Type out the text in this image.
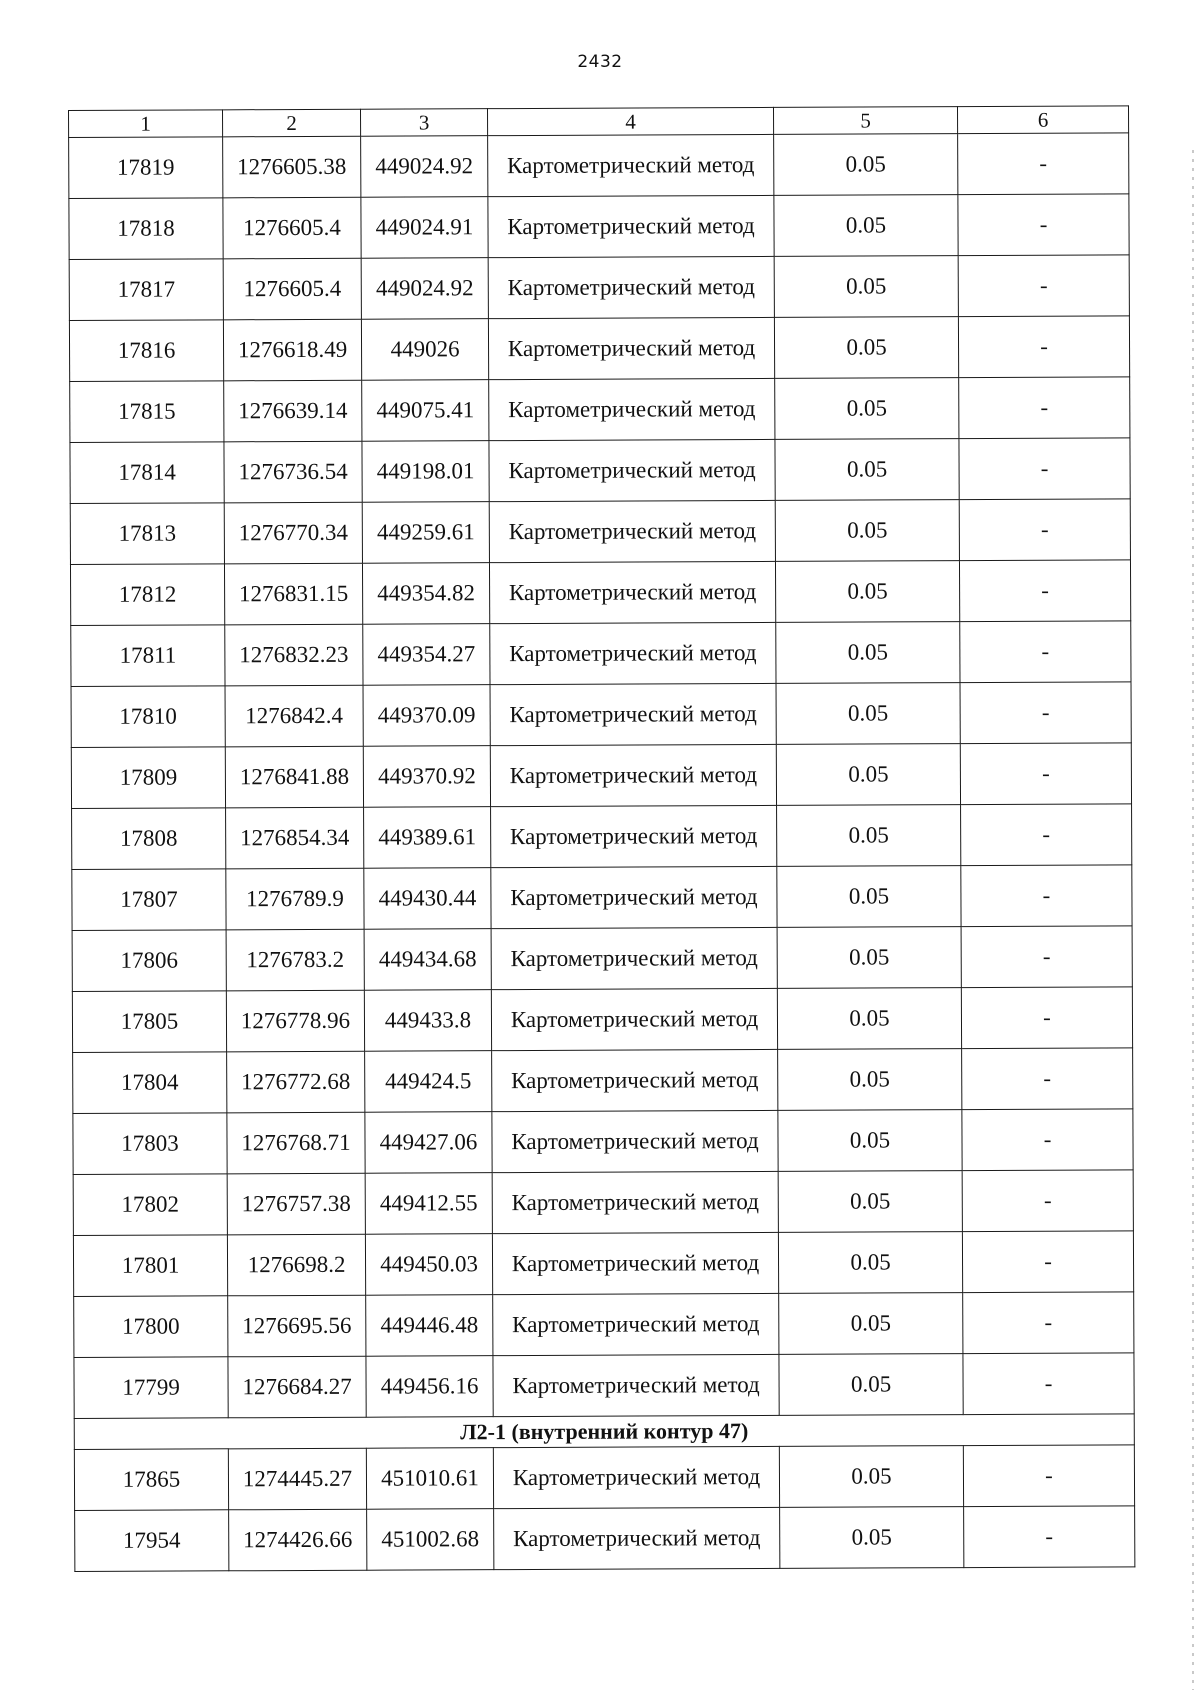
2432
1	2	3	4	5	6
17819	1276605.38	449024.92	Картометрический метод	0.05	-
17818	1276605.4	449024.91	Картометрический метод	0.05	-
17817	1276605.4	449024.92	Картометрический метод	0.05	-
17816	1276618.49	449026	Картометрический метод	0.05	-
17815	1276639.14	449075.41	Картометрический метод	0.05	-
17814	1276736.54	449198.01	Картометрический метод	0.05	-
17813	1276770.34	449259.61	Картометрический метод	0.05	-
17812	1276831.15	449354.82	Картометрический метод	0.05	-
17811	1276832.23	449354.27	Картометрический метод	0.05	-
17810	1276842.4	449370.09	Картометрический метод	0.05	-
17809	1276841.88	449370.92	Картометрический метод	0.05	-
17808	1276854.34	449389.61	Картометрический метод	0.05	-
17807	1276789.9	449430.44	Картометрический метод	0.05	-
17806	1276783.2	449434.68	Картометрический метод	0.05	-
17805	1276778.96	449433.8	Картометрический метод	0.05	-
17804	1276772.68	449424.5	Картометрический метод	0.05	-
17803	1276768.71	449427.06	Картометрический метод	0.05	-
17802	1276757.38	449412.55	Картометрический метод	0.05	-
17801	1276698.2	449450.03	Картометрический метод	0.05	-
17800	1276695.56	449446.48	Картометрический метод	0.05	-
17799	1276684.27	449456.16	Картометрический метод	0.05	-
Л2-1 (внутренний контур 47)					
17865	1274445.27	451010.61	Картометрический метод	0.05	-
17954	1274426.66	451002.68	Картометрический метод	0.05	-
